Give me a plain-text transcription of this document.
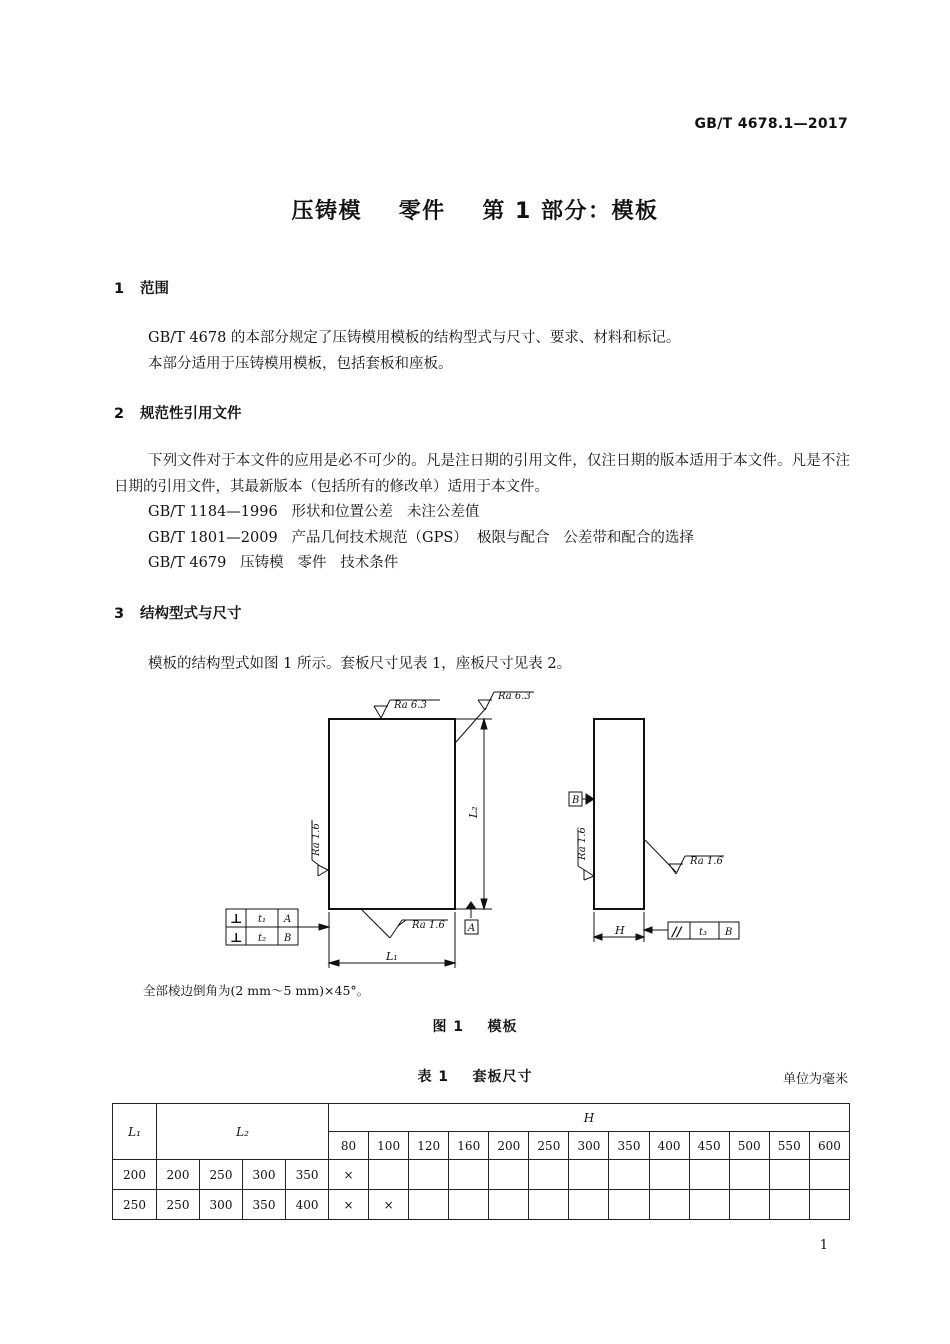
GB/T 4678.1—2017
压铸模    零件    第 1 部分：模板
1 范围
GB/T 4678 的本部分规定了压铸模用模板的结构型式与尺寸、要求、材料和标记。
本部分适用于压铸模用模板，包括套板和座板。
2 规范性引用文件
下列文件对于本文件的应用是必不可少的。凡是注日期的引用文件，仅注日期的版本适用于本文件。凡是不注日期的引用文件，其最新版本（包括所有的修改单）适用于本文件。
GB/T 1184—1996   形状和位置公差   未注公差值
GB/T 1801—2009   产品几何技术规范（GPS）  极限与配合   公差带和配合的选择
GB/T 4679   压铸模   零件   技术条件
3 结构型式与尺寸
模板的结构型式如图 1 所示。套板尺寸见表 1，座板尺寸见表 2。
Ra 6.3
Ra 6.3
Ra 1.6
Ra 1.6
Ra 1.6	Ra 1.6
L₂
L₁
H
A
B
t₁
t₂
A
B
t₃ B
⊥
⊥	//
全部棱边倒角为(2 mm～5 mm)×45°。
图 1    模板
表 1    套板尺寸	单位为毫米
L₁	L₂				H												
					80	100	120	160	200	250	300	350	400	450	500	550	600
200	200	250	300	350	×												
250	250	300	350	400	×	×											
1
